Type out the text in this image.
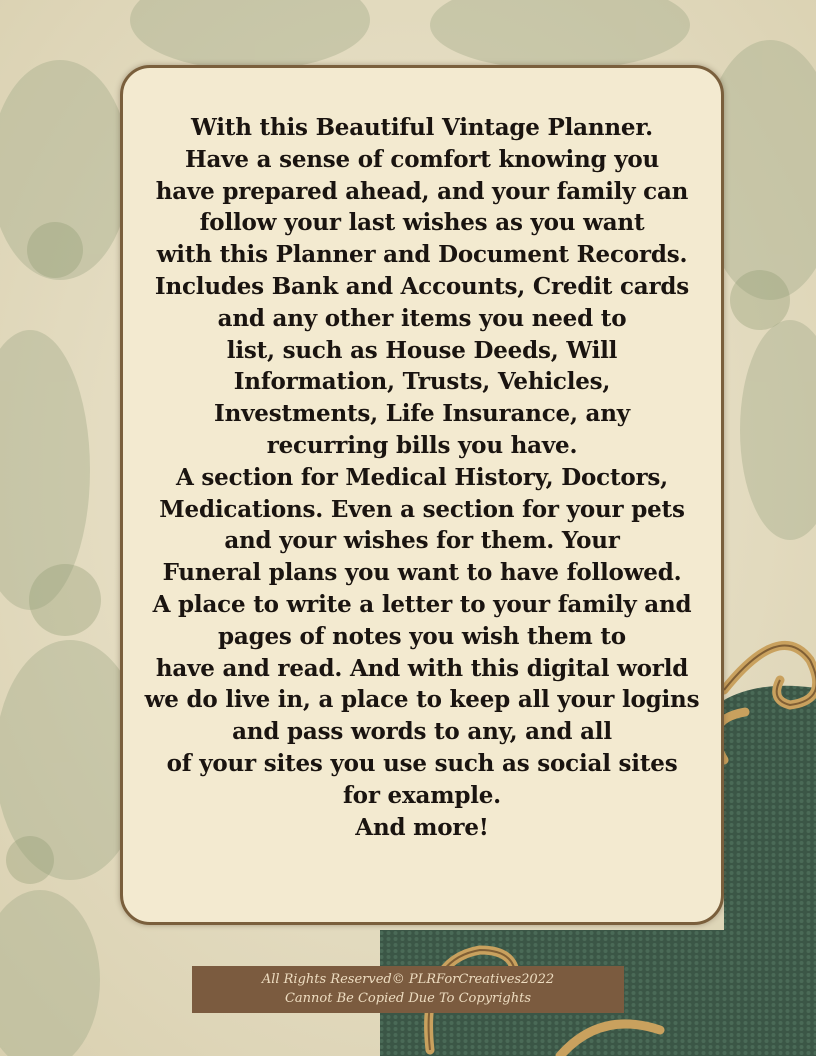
With this Beautiful Vintage Planner.
Have a sense of comfort knowing you
have prepared ahead, and your family can
follow your last wishes as you want
with this Planner and Document Records.
Includes Bank and Accounts, Credit cards
and any other items you need to
list, such as House Deeds, Will
Information, Trusts, Vehicles,
Investments, Life Insurance, any
recurring bills you have.
A section for Medical History, Doctors,
Medications. Even a section for your pets
and your wishes for them. Your
Funeral plans you want to have followed.
A place to write a letter to your family and
pages of notes you wish them to
have and read. And with this digital world
we do live in, a place to keep all your logins
and pass words to any, and all
of your sites you use such as social sites
for example.
And more!
All Rights Reserved© PLRForCreatives2022
Cannot Be Copied Due To Copyrights
